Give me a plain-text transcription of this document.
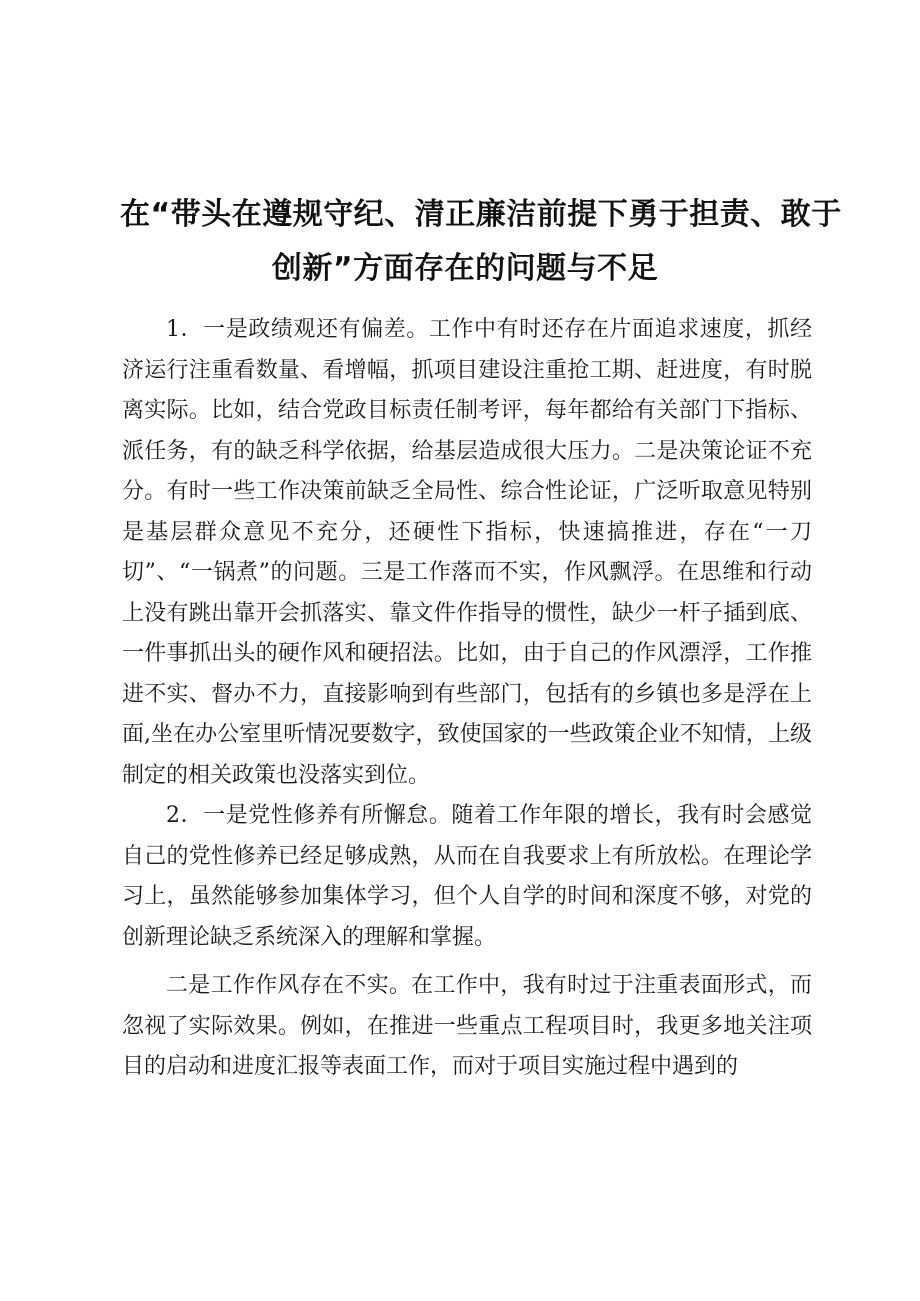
在“带头在遵规守纪、清正廉洁前提下勇于担责、敢于
创新”方面存在的问题与不足

1．一是政绩观还有偏差。工作中有时还存在片面追求速度，抓经济运行注重看数量、看增幅，抓项目建设注重抢工期、赶进度，有时脱离实际。比如，结合党政目标责任制考评，每年都给有关部门下指标、派任务，有的缺乏科学依据，给基层造成很大压力。二是决策论证不充分。有时一些工作决策前缺乏全局性、综合性论证，广泛听取意见特别是基层群众意见不充分，还硬性下指标，快速搞推进，存在“一刀切”、“一锅煮”的问题。三是工作落而不实，作风飘浮。在思维和行动上没有跳出靠开会抓落实、靠文件作指导的惯性，缺少一杆子插到底、一件事抓出头的硬作风和硬招法。比如，由于自己的作风漂浮，工作推进不实、督办不力，直接影响到有些部门，包括有的乡镇也多是浮在上面,坐在办公室里听情况要数字，致使国家的一些政策企业不知情，上级制定的相关政策也没落实到位。

2．一是党性修养有所懈怠。随着工作年限的增长，我有时会感觉自己的党性修养已经足够成熟，从而在自我要求上有所放松。在理论学习上，虽然能够参加集体学习，但个人自学的时间和深度不够，对党的创新理论缺乏系统深入的理解和掌握。

二是工作作风存在不实。在工作中，我有时过于注重表面形式，而忽视了实际效果。例如，在推进一些重点工程项目时，我更多地关注项目的启动和进度汇报等表面工作，而对于项目实施过程中遇到的
